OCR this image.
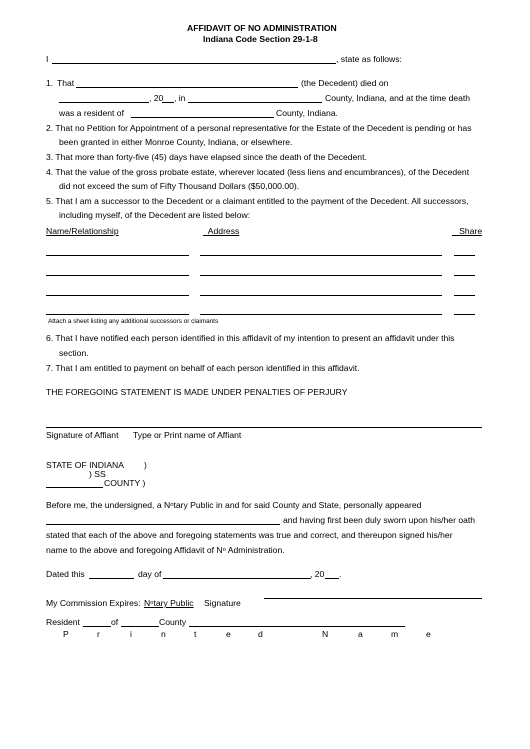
AFFIDAVIT OF NO ADMINISTRATION
Indiana Code Section 29-1-8
I	, state as follows:
1. That	(the Decedent) died on
, 20 , in	County, Indiana, and at the time death
was a resident of	County, Indiana.
2. That no Petition for Appointment of a personal representative for the Estate of the Decedent is pending or has
been granted in either Monroe County, Indiana, or elsewhere.
3. That more than forty-five (45) days have elapsed since the death of the Decedent.
4. That the value of the gross probate estate, wherever located (less liens and encumbrances), of the Decedent
did not exceed the sum of Fifty Thousand Dollars ($50,000.00).
5. That I am a successor to the Decedent or a claimant entitled to the payment of the Decedent. All successors,
including myself, of the Decedent are listed below:
Name/Relationship	Address	Share
Attach a sheet listing any additional successors or claimants
6. That I have notified each person identified in this affidavit of my intention to present an affidavit under this
section.
7. That I am entitled to payment on behalf of each person identified in this affidavit.
THE FOREGOING STATEMENT IS MADE UNDER PENALTIES OF PERJURY
Signature of Affiant Type or Print name of Affiant
STATE OF INDIANA )
) SS
COUNTY )
Before me, the undersigned, a $N^otary$ Public in and for said County and State, personally appeared
and having first been duly sworn upon his/her oath
stated that each of the above and foregoing statements was true and correct, and thereupon signed his/her
name to the above and foregoing Affidavit of $N^o$ Administration.
Dated this	day of	, 20 .
My Commission Expires: $N^otary$ Public Signature
Resident	of	County
P	r	i	n	t	e	d	N	a	m	e
